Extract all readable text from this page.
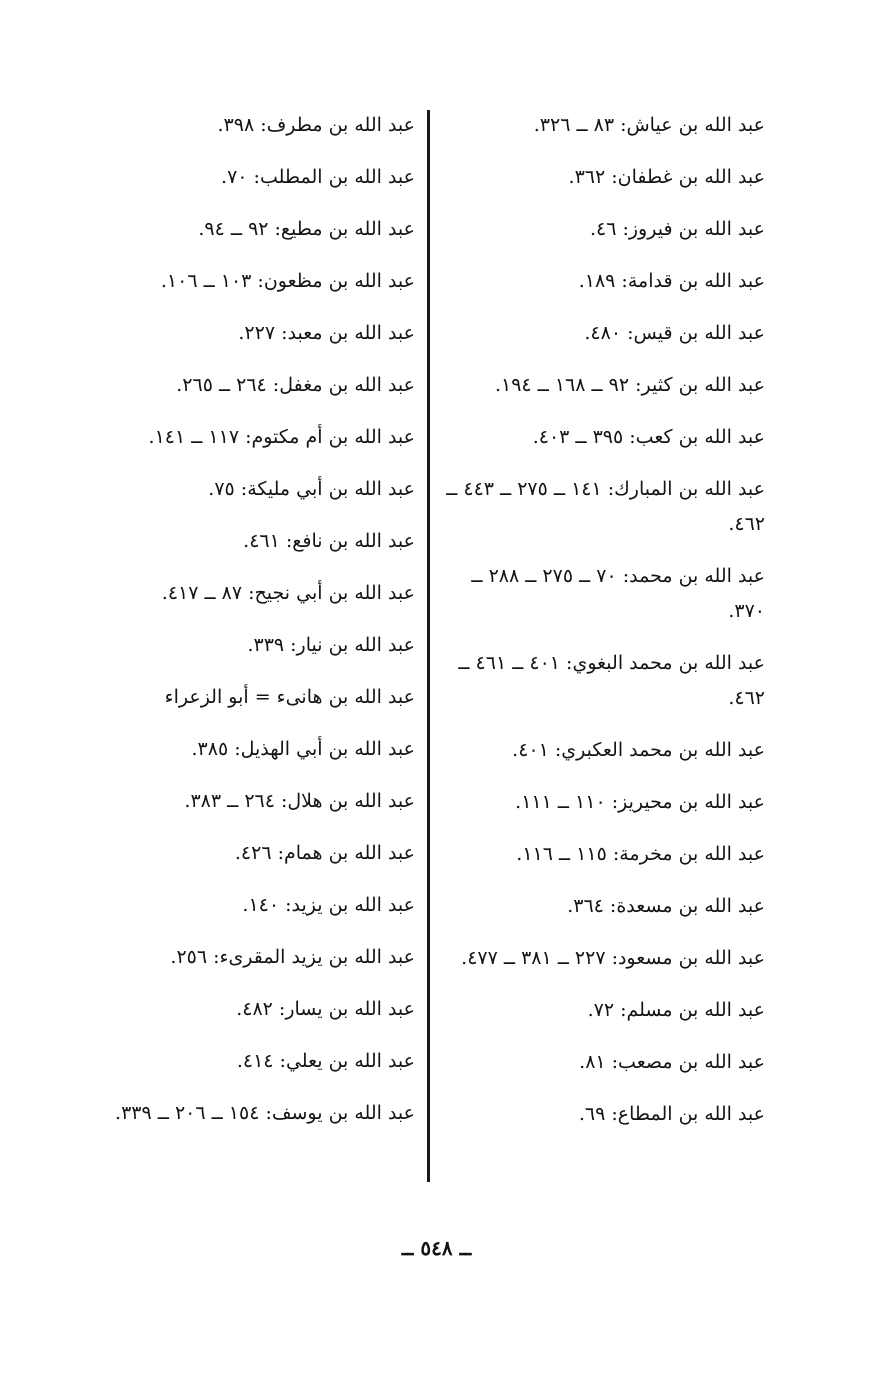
عبد الله بن عياش: ٨٣ ــ ٣٢٦.
عبد الله بن غطفان: ٣٦٢.
عبد الله بن فيروز: ٤٦.
عبد الله بن قدامة: ١٨٩.
عبد الله بن قيس: ٤٨٠.
عبد الله بن كثير: ٩٢ ــ ١٦٨ ــ ١٩٤.
عبد الله بن كعب: ٣٩٥ ــ ٤٠٣.
عبد الله بن المبارك: ١٤١ ــ ٢٧٥ ــ ٤٤٣ ــ ٤٦٢.
عبد الله بن محمد: ٧٠ ــ ٢٧٥ ــ ٢٨٨ ــ ٣٧٠.
عبد الله بن محمد البغوي: ٤٠١ ــ ٤٦١ ــ ٤٦٢.
عبد الله بن محمد العكبري: ٤٠١.
عبد الله بن محيريز: ١١٠ ــ ١١١.
عبد الله بن مخرمة: ١١٥ ــ ١١٦.
عبد الله بن مسعدة: ٣٦٤.
عبد الله بن مسعود: ٢٢٧ ــ ٣٨١ ــ ٤٧٧.
عبد الله بن مسلم: ٧٢.
عبد الله بن مصعب: ٨١.
عبد الله بن المطاع: ٦٩.
عبد الله بن مطرف: ٣٩٨.
عبد الله بن المطلب: ٧٠.
عبد الله بن مطيع: ٩٢ ــ ٩٤.
عبد الله بن مظعون: ١٠٣ ــ ١٠٦.
عبد الله بن معبد: ٢٢٧.
عبد الله بن مغفل: ٢٦٤ ــ ٢٦٥.
عبد الله بن أم مكتوم: ١١٧ ــ ١٤١.
عبد الله بن أبي مليكة: ٧٥.
عبد الله بن نافع: ٤٦١.
عبد الله بن أبي نجيح: ٨٧ ــ ٤١٧.
عبد الله بن نيار: ٣٣٩.
عبد الله بن هانىء = أبو الزعراء
عبد الله بن أبي الهذيل: ٣٨٥.
عبد الله بن هلال: ٢٦٤ ــ ٣٨٣.
عبد الله بن همام: ٤٢٦.
عبد الله بن يزيد: ١٤٠.
عبد الله بن يزيد المقرىء: ٢٥٦.
عبد الله بن يسار: ٤٨٢.
عبد الله بن يعلي: ٤١٤.
عبد الله بن يوسف: ١٥٤ ــ ٢٠٦ ــ ٣٣٩.
ــ ٥٤٨ ــ
